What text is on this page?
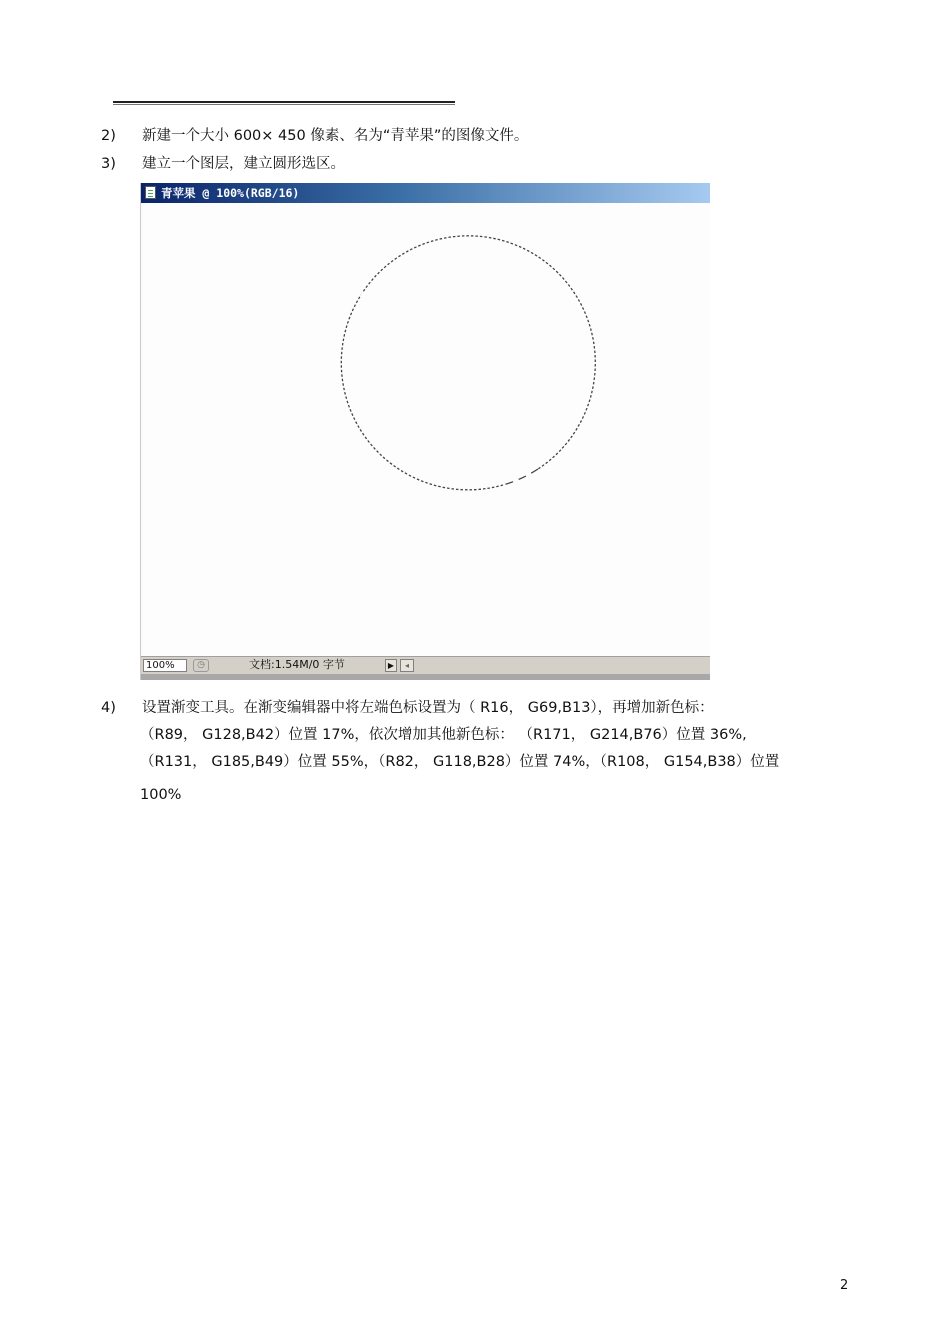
2)	新建一个大小 600× 450 像素、名为“青苹果”的图像文件。
3)	建立一个图层，建立圆形选区。
青苹果 @ 100%(RGB/16)
100%	◷	文档:1.54M/0 字节	▶	◂
4)	设置渐变工具。在渐变编辑器中将左端色标设置为（ R16， G69,B13），再增加新色标：
（R89， G128,B42）位置 17%，依次增加其他新色标： （R171， G214,B76）位置 36%,
（R131， G185,B49）位置 55%，（R82， G118,B28）位置 74%，（R108， G154,B38）位置
100%
2
